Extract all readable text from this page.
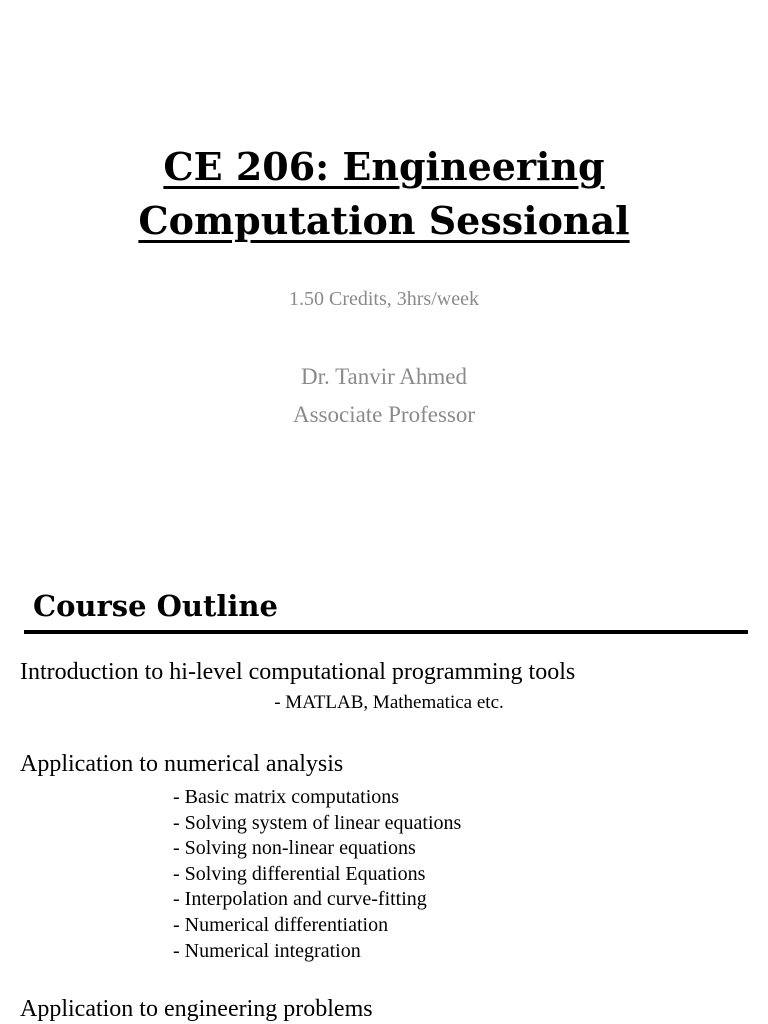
CE 206: Engineering
Computation Sessional
1.50 Credits, 3hrs/week
Dr. Tanvir Ahmed
Associate Professor
Course Outline
Introduction to hi-level computational programming tools
- MATLAB, Mathematica etc.
Application to numerical analysis
- Basic matrix computations
- Solving system of linear equations
- Solving non-linear equations
- Solving differential Equations
- Interpolation and curve-fitting
- Numerical differentiation
- Numerical integration
Application to engineering problems
